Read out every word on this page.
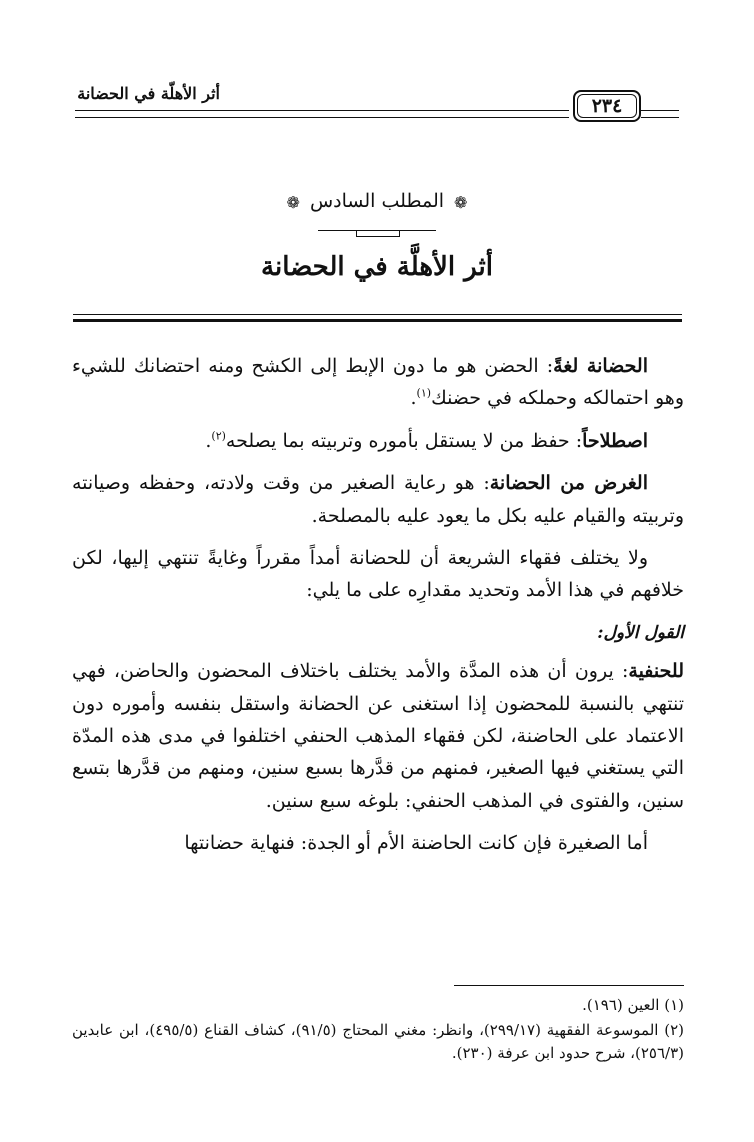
أثر الأهلّة في الحضانة
٢٣٤
❁المطلب السادس❁
أثر الأهلَّة في الحضانة

الحضانة لغةً: الحضن هو ما دون الإبط إلى الكشح ومنه احتضانك للشيء وهو احتمالكه وحملكه في حضنك$^{(١)}$.

اصطلاحاً: حفظ من لا يستقل بأموره وتربيته بما يصلحه$^{(٢)}$.

الغرض من الحضانة: هو رعاية الصغير من وقت ولادته، وحفظه وصيانته وتربيته والقيام عليه بكل ما يعود عليه بالمصلحة.

ولا يختلف فقهاء الشريعة أن للحضانة أمداً مقرراً وغايةً تنتهي إليها، لكن خلافهم في هذا الأمد وتحديد مقدارِه على ما يلي:

القول الأول:

للحنفية: يرون أن هذه المدَّة والأمد يختلف باختلاف المحضون والحاضن، فهي تنتهي بالنسبة للمحضون إذا استغنى عن الحضانة واستقل بنفسه وأموره دون الاعتماد على الحاضنة، لكن فقهاء المذهب الحنفي اختلفوا في مدى هذه المدّة التي يستغني فيها الصغير، فمنهم من قدَّرها بسبع سنين، ومنهم من قدَّرها بتسع سنين، والفتوى في المذهب الحنفي: بلوغه سبع سنين.

أما الصغيرة فإن كانت الحاضنة الأم أو الجدة: فنهاية حضانتها

(١) العين (١٩٦).

(٢) الموسوعة الفقهية (٢٩٩/١٧)، وانظر: مغني المحتاج (٩١/٥)، كشاف القناع (٤٩٥/٥)، ابن عابدين (٢٥٦/٣)، شرح حدود ابن عرفة (٢٣٠).
